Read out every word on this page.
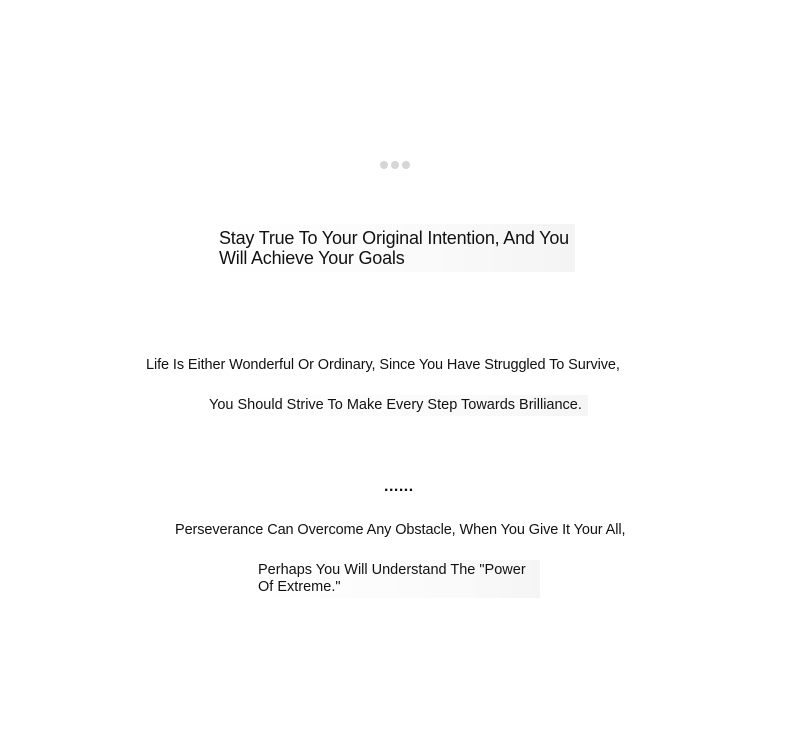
Stay True To Your Original Intention, And You Will Achieve Your Goals
Life Is Either Wonderful Or Ordinary, Since You Have Struggled To Survive,
You Should Strive To Make Every Step Towards Brilliance.
......
Perseverance Can Overcome Any Obstacle, When You Give It Your All,
Perhaps You Will Understand The "Power Of Extreme."
